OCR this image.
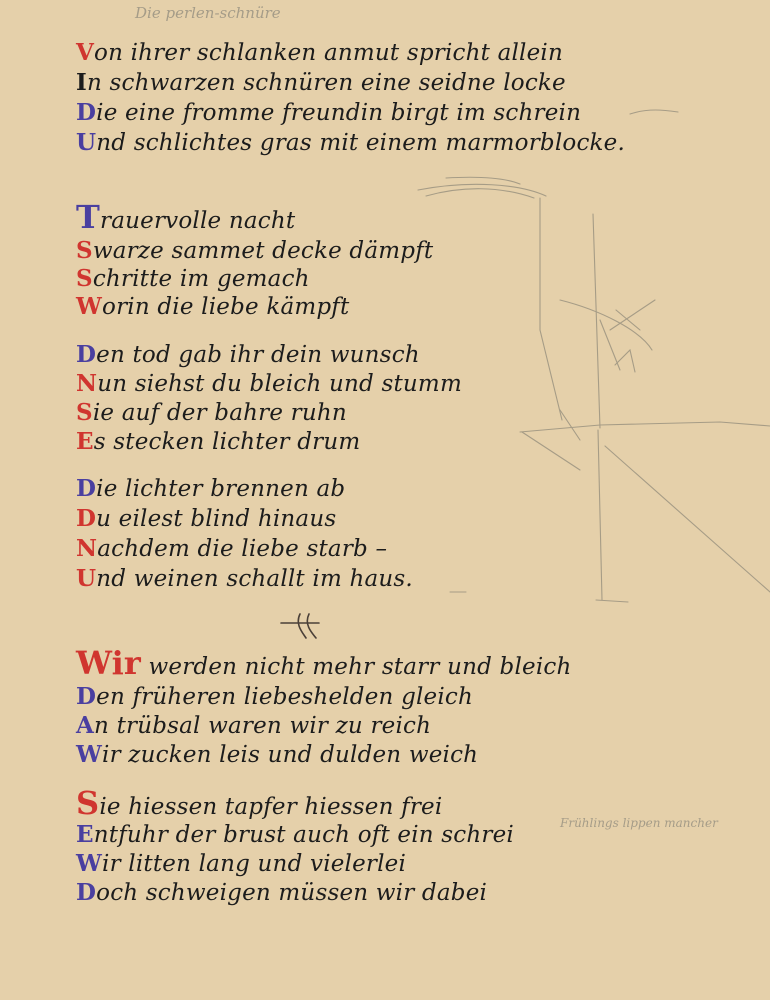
Die perlen-schnüre
Frühlings lippen mancher
Von ihrer schlanken anmut spricht allein
In schwarzen schnüren eine seidne locke
Die eine fromme freundin birgt im schrein
Und schlichtes gras mit einem marmorblocke.
Trauervolle nacht
Swarze sammet decke dämpft
Schritte im gemach
Worin die liebe kämpft
Den tod gab ihr dein wunsch
Nun siehst du bleich und stumm
Sie auf der bahre ruhn
Es stecken lichter drum
Die lichter brennen ab
Du eilest blind hinaus
Nachdem die liebe starb –
Und weinen schallt im haus.
Wir werden nicht mehr starr und bleich
Den früheren liebeshelden gleich
An trübsal waren wir zu reich
Wir zucken leis und dulden weich
Sie hiessen tapfer hiessen frei
Entfuhr der brust auch oft ein schrei
Wir litten lang und vielerlei
Doch schweigen müssen wir dabei
